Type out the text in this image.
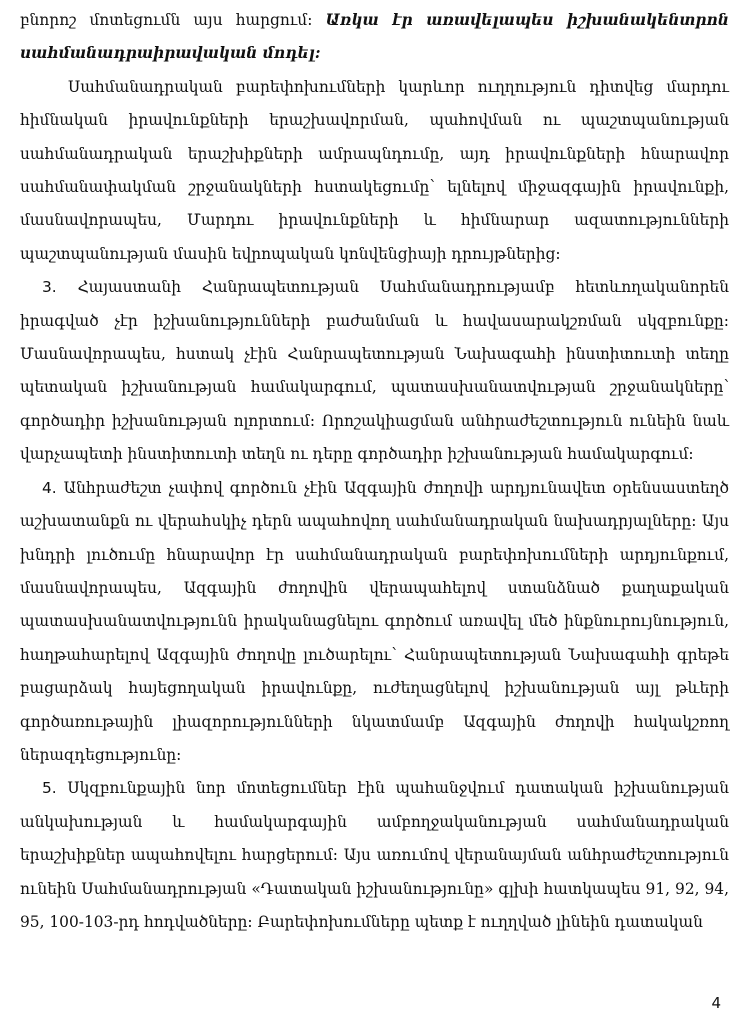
բնորոշ մոտեցումն այս հարցում: Առկա էր առավելապես իշխանակենտրոն սահմանադրաիրավական մոդել:

Սահմանադրական բարեփոխումների կարևոր ուղղություն դիտվեց մարդու հիմնական իրավունքների երաշխավորման, պահովման ու պաշտպանության սահմանադրական երաշխիքների ամրապնդումը, այդ իրավունքների հնարավոր սահմանափակման շրջանակների հստակեցումը՝ ելնելով միջազգային իրավունքի, մասնավորապես, Մարդու իրավունքների և հիմնարար ազատությունների պաշտպանության մասին եվրոպական կոնվենցիայի դրույթներից:

3. Հայաստանի Հանրապետության Սահմանադրությամբ հետևողականորեն իրագված չէր իշխանությունների բաժանման և հավասարակշռման սկզբունքը: Մասնավորապես, հստակ չէին Հանրապետության Նախագահի ինստիտուտի տեղը պետական իշխանության համակարգում, պատասխանատվության շրջանակները՝ գործադիր իշխանության ոլորտում: Որոշակիացման անհրաժեշտություն ունեին նաև վարչապետի ինստիտուտի տեղն ու դերը գործադիր իշխանության համակարգում:

4. Անհրաժեշտ չափով գործուն չէին Ազգային ժողովի արդյունավետ օրենսաստեղծ աշխատանքն ու վերահսկիչ դերն ապահովող սահմանադրական նախադրյալները: Այս խնդրի լուծումը հնարավոր էր սահմանադրական բարեփոխումների արդյունքում, մասնավորապես, Ազգային ժողովին վերապահելով ստանձնած քաղաքական պատասխանատվությունն իրականացնելու գործում առավել մեծ ինքնուրույնություն, հաղթահարելով Ազգային ժողովը լուծարելու՝ Հանրապետության Նախագահի գրեթե բացարձակ հայեցողական իրավունքը, ուժեղացնելով իշխանության այլ թևերի գործառութային լիազորությունների նկատմամբ Ազգային ժողովի հակակշռող ներազդեցությունը:

5. Սկզբունքային նոր մոտեցումներ էին պահանջվում դատական իշխանության անկախության և համակարգային ամբողջականության սահմանադրական երաշխիքներ ապահովելու հարցերում: Այս առումով վերանայման անհրաժեշտություն ունեին Սահմանադրության «Դատական իշխանությունը» գլխի հատկապես 91, 92, 94, 95, 100-103-րդ հոդվածները: Բարեփոխումները պետք է ուղղված լինեին դատական

4
